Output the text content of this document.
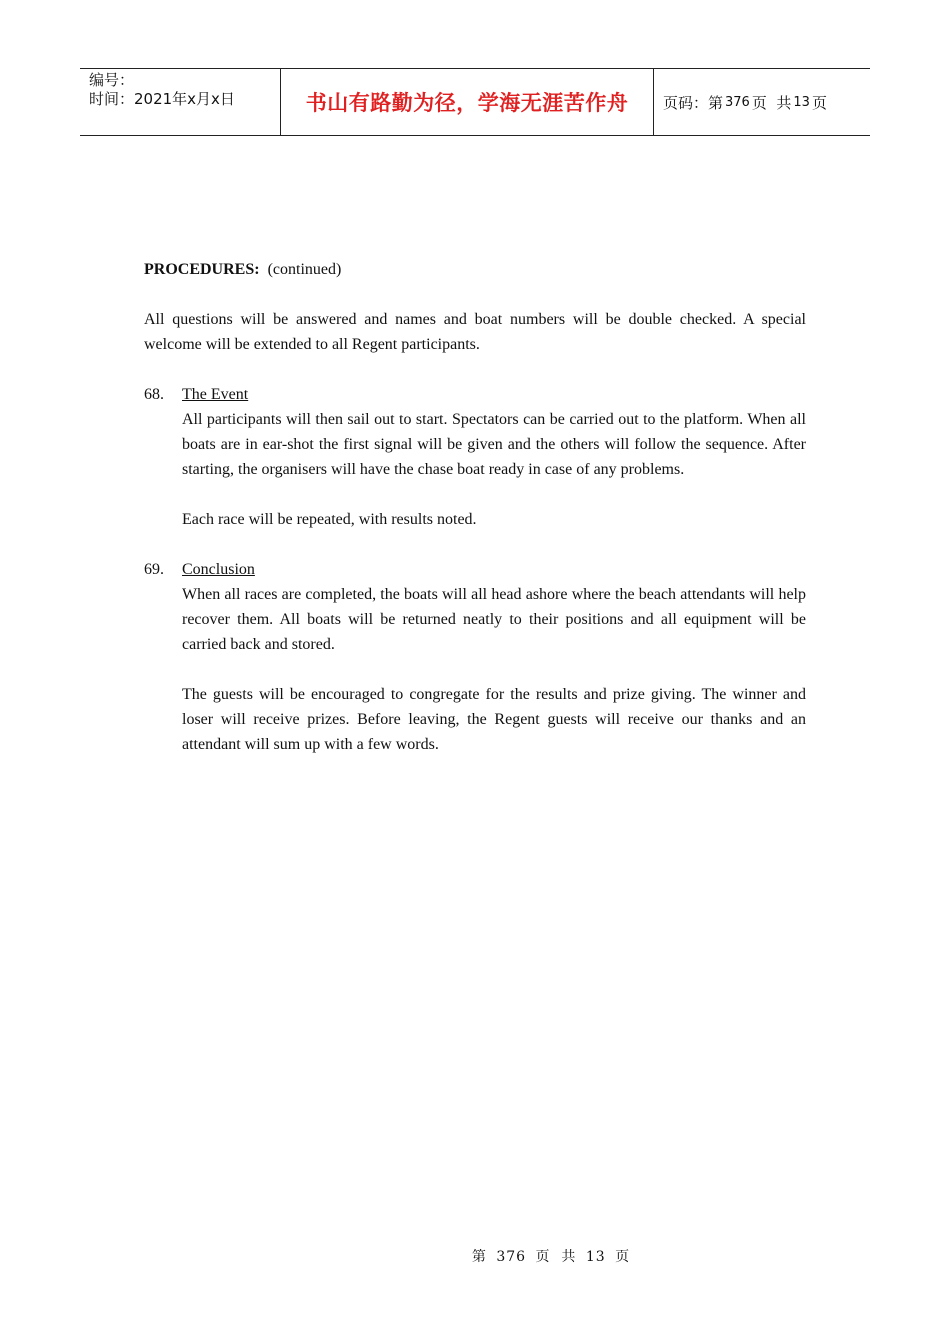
编号：
时间：2021年x月x日	书山有路勤为径，学海无涯苦作舟 页码：第 376 页  共 13 页
PROCEDURES: (continued)

All questions will be answered and names and boat numbers will be double checked. A special welcome will be extended to all Regent participants.

68.	The Event

All participants will then sail out to start. Spectators can be carried out to the platform. When all boats are in ear-shot the first signal will be given and the others will follow the sequence. After starting, the organisers will have the chase boat ready in case of any problems.

Each race will be repeated, with results noted.

69.	Conclusion

When all races are completed, the boats will all head ashore where the beach attendants will help recover them. All boats will be returned neatly to their positions and all equipment will be carried back and stored.

The guests will be encouraged to congregate for the results and prize giving. The winner and loser will receive prizes. Before leaving, the Regent guests will receive our thanks and an attendant will sum up with a few words.

第 376 页  共 13 页
